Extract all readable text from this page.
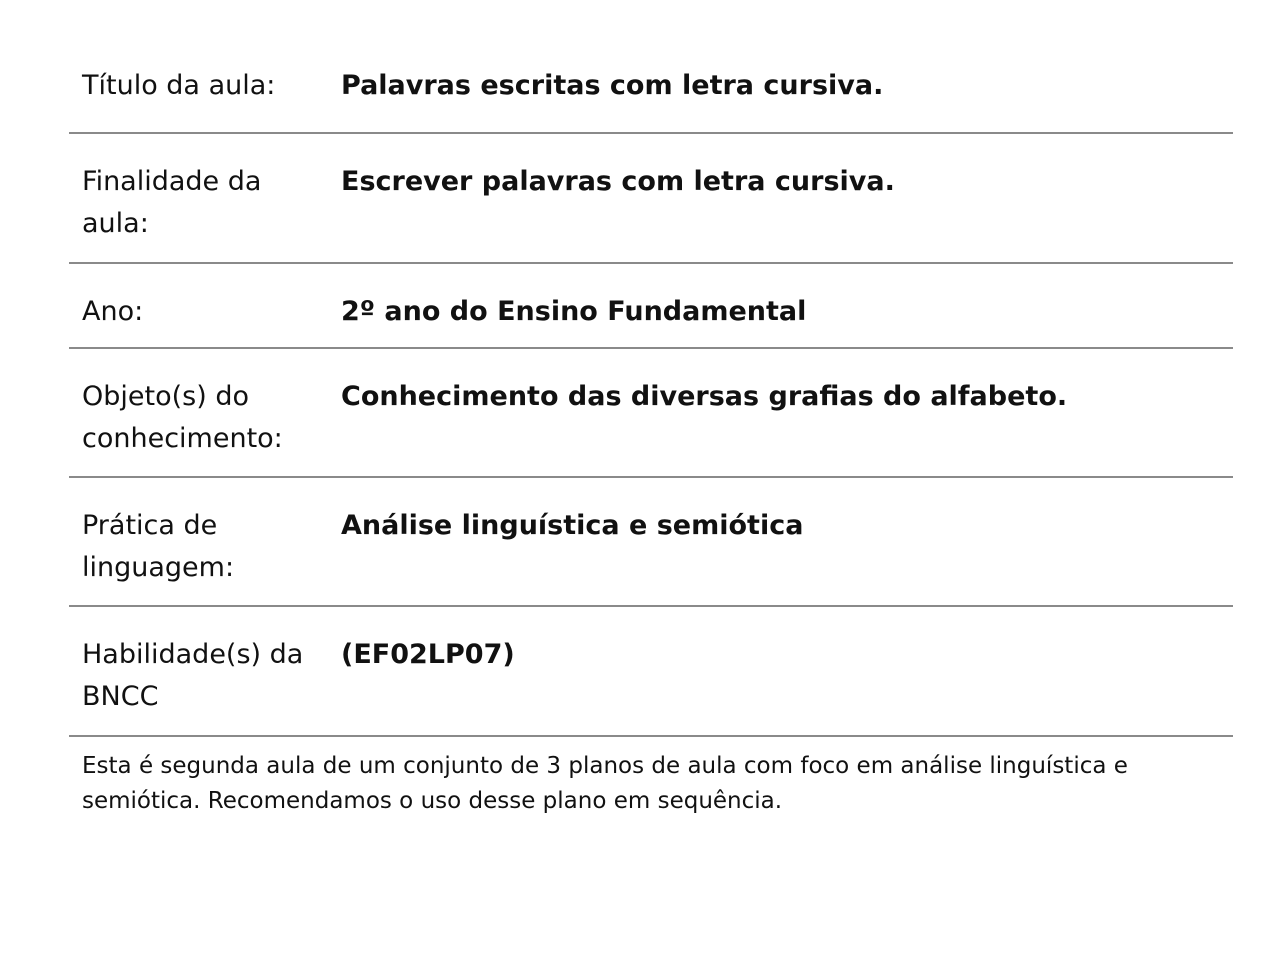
Título da aula:	Palavras escritas com letra cursiva.
Finalidade da aula:
Escrever palavras com letra cursiva.
Ano:	2º ano do Ensino Fundamental
Objeto(s) do conhecimento:
Conhecimento das diversas grafias do alfabeto.
Prática de linguagem:
Análise linguística e semiótica
Habilidade(s) da BNCC
(EF02LP07)
Esta é segunda aula de um conjunto de 3 planos de aula com foco em análise linguística e semiótica. Recomendamos o uso desse plano em sequência.
